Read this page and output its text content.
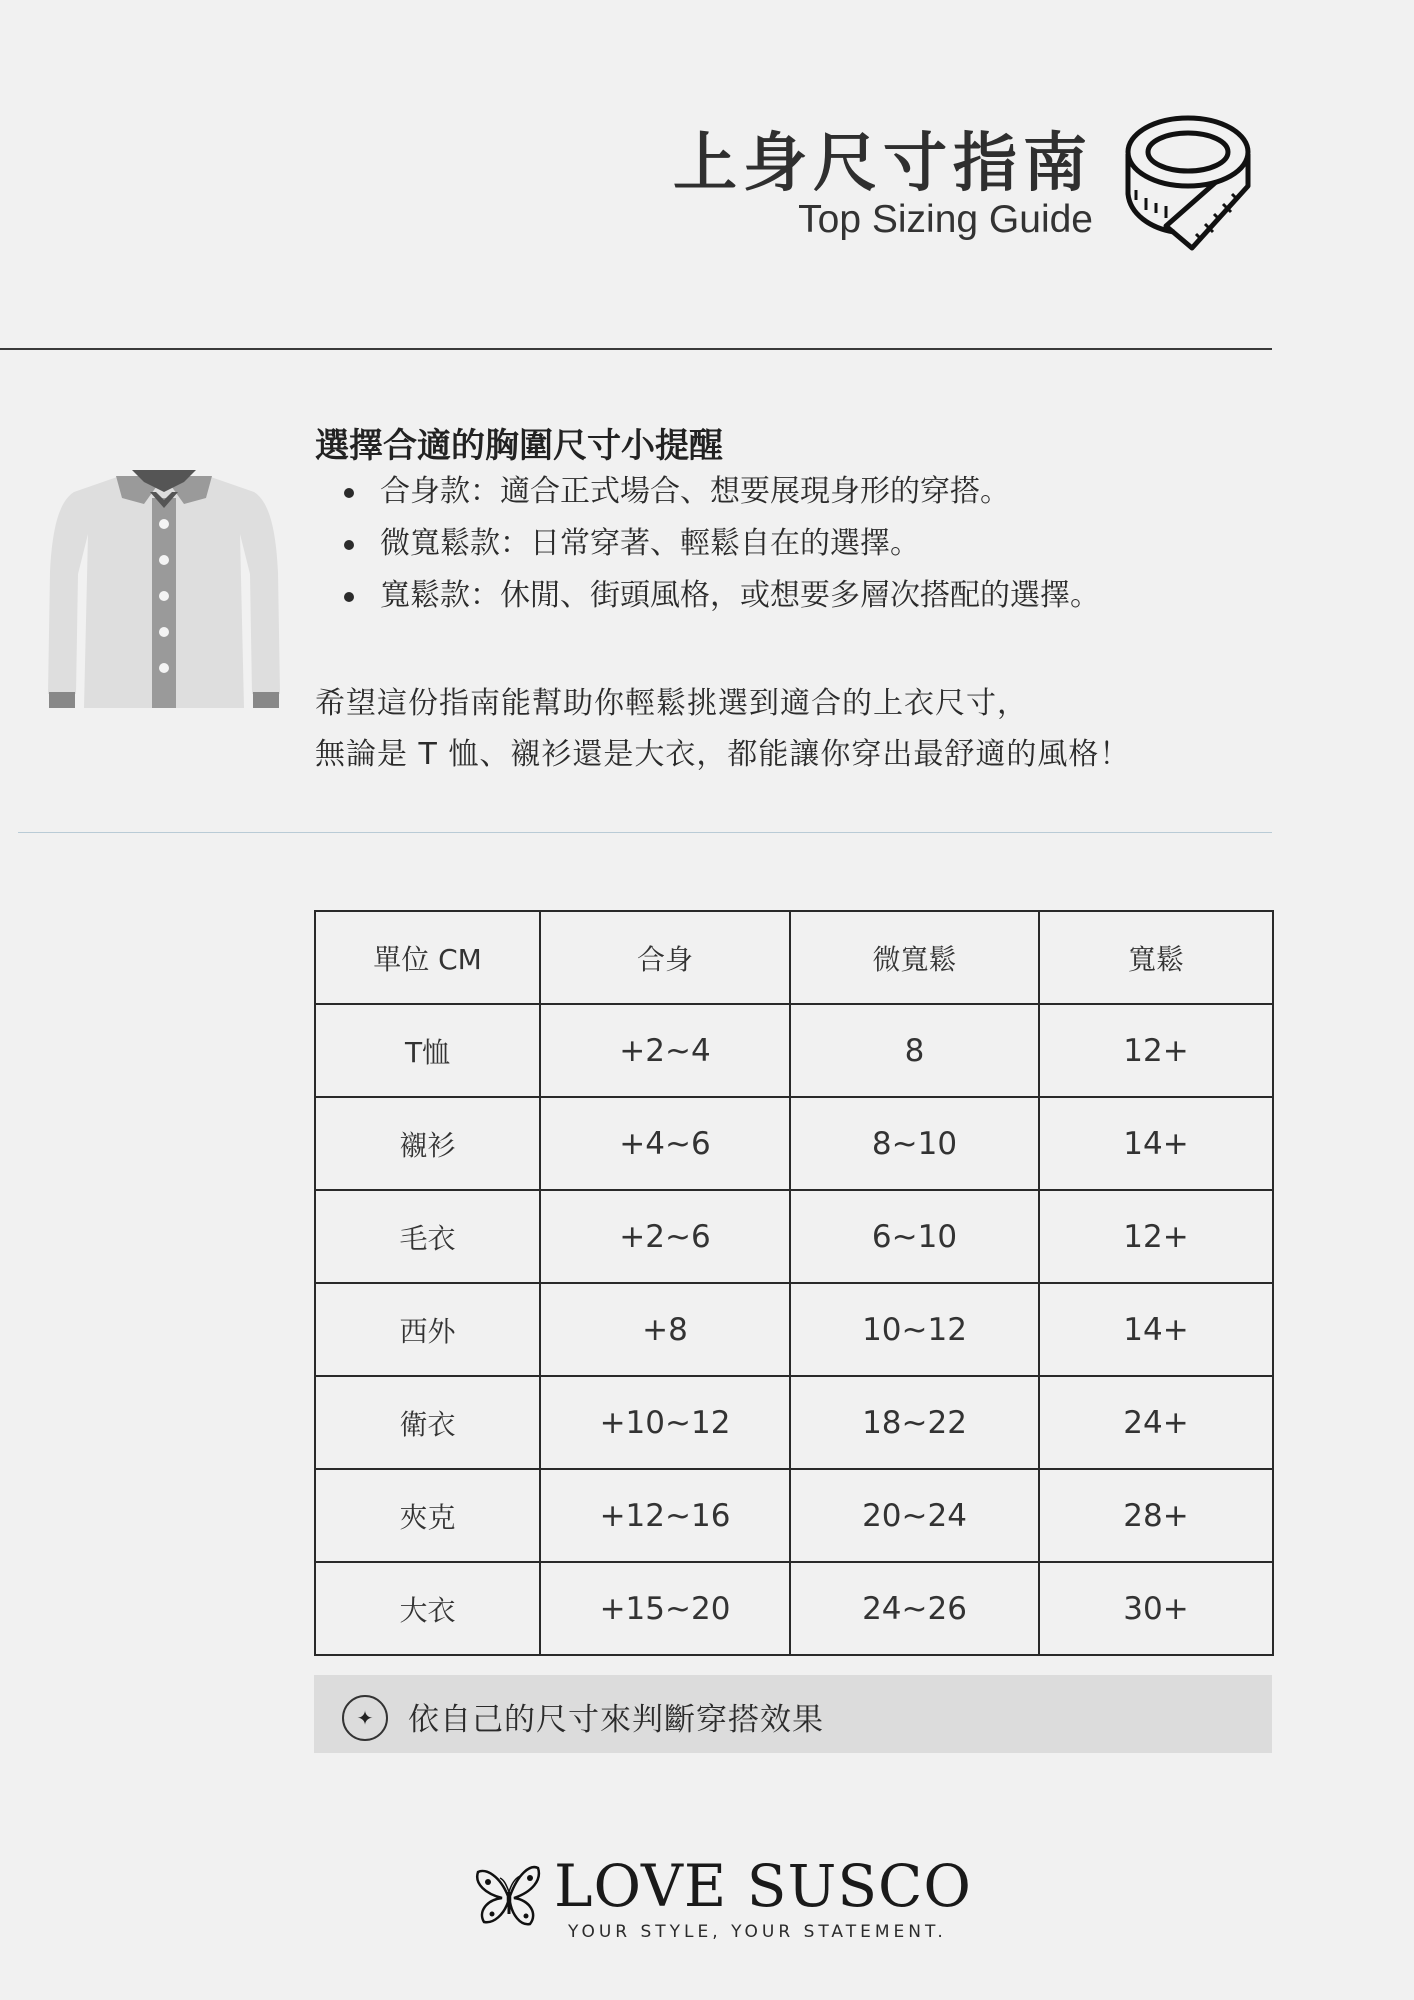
上身尺寸指南
Top Sizing Guide
選擇合適的胸圍尺寸小提醒
合身款：適合正式場合、想要展現身形的穿搭。
微寬鬆款：日常穿著、輕鬆自在的選擇。
寬鬆款：休閒、街頭風格，或想要多層次搭配的選擇。
希望這份指南能幫助你輕鬆挑選到適合的上衣尺寸，
無論是 T 恤、襯衫還是大衣，都能讓你穿出最舒適的風格！
單位 CM	合身	微寬鬆	寬鬆
T恤	+2~4	8	12+
襯衫	+4~6	8~10	14+
毛衣	+2~6	6~10	12+
西外	+8	10~12	14+
衛衣	+10~12	18~22	24+
夾克	+12~16	20~24	28+
大衣	+15~20	24~26	30+
✦	依自己的尺寸來判斷穿搭效果
LOVE SUSCO
YOUR STYLE, YOUR STATEMENT.
